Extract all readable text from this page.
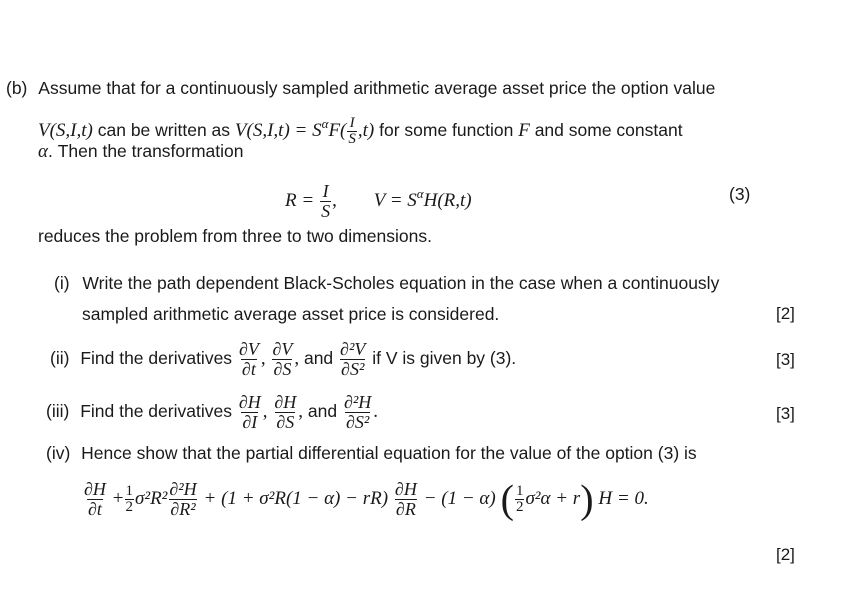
(b) Assume that for a continuously sampled arithmetic average asset price the option value
V(S,I,t) can be written as $V(S,I,t) = S^\alpha F( \frac{I}{S} ,t)$ for some function F and some constant
α. Then the transformation
$R = \frac{I}{S}$ , $V = S^\alpha H(R,t)$	(3)
reduces the problem from three to two dimensions.
(i) Write the path dependent Black-Scholes equation in the case when a continuously
sampled arithmetic average asset price is considered.	[2]
(ii) Find the derivatives $\frac{\partial V}{\partial t}$ , $\frac{\partial V}{\partial S}$ , and $\frac{\text{∂²V}}{\text{∂S²}}$ if V is given by (3).	[3]
(iii) Find the derivatives $\frac{\partial H}{\partial I}$ , $\frac{\partial H}{\partial S}$ , and $\frac{\text{∂²H}}{\text{∂S²}}$ .	[3]
(iv) Hence show that the partial differential equation for the value of the option (3) is
$\frac{\partial H}{\partial t} + \frac{1}{2} \sigma^2R^2 \frac{\text{∂²H}}{\text{∂R²}} + (1 + \sigma^2R(1 - \alpha) - rR) \frac{\partial H}{\partial R} - (1 - \alpha)$ ( $\frac{1}{2} \sigma^2\alpha + r$) H = 0.
[2]
